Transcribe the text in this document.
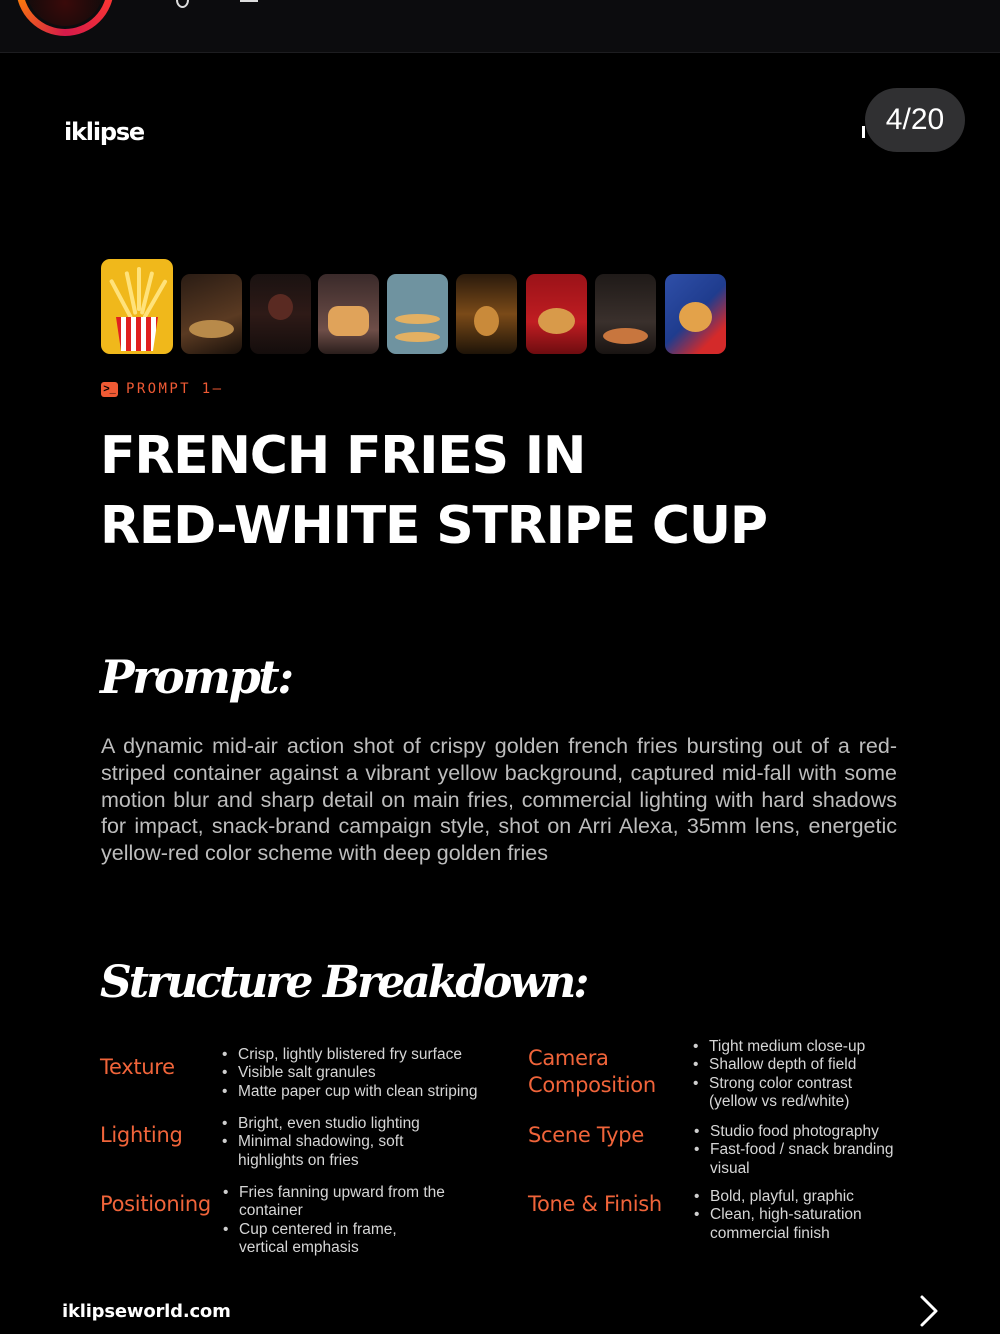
iklipse	4/20
>_ PROMPT 1—
FRENCH FRIES IN
RED-WHITE STRIPE CUP
Prompt:
A dynamic mid-air action shot of crispy golden french fries bursting out of a red-striped container against a vibrant yellow background, captured mid-fall with some motion blur and sharp detail on main fries, commercial lighting with hard shadows for impact, snack-brand campaign style, shot on Arri Alexa, 35mm lens, energetic yellow-red color scheme with deep golden fries
Structure Breakdown:
Texture
• Crisp, lightly blistered fry surface
• Visible salt granules
• Matte paper cup with clean striping
Lighting	• Bright, even studio lighting
• Minimal shadowing, soft highlights on fries
Positioning	• Fries fanning upward from the container
• Cup centered in frame, vertical emphasis
Camera Composition
• Tight medium close-up
• Shallow depth of field
• Strong color contrast (yellow vs red/white)
Scene Type	• Studio food photography
• Fast-food / snack branding visual
Tone & Finish	• Bold, playful, graphic
• Clean, high-saturation commercial finish
iklipseworld.com
